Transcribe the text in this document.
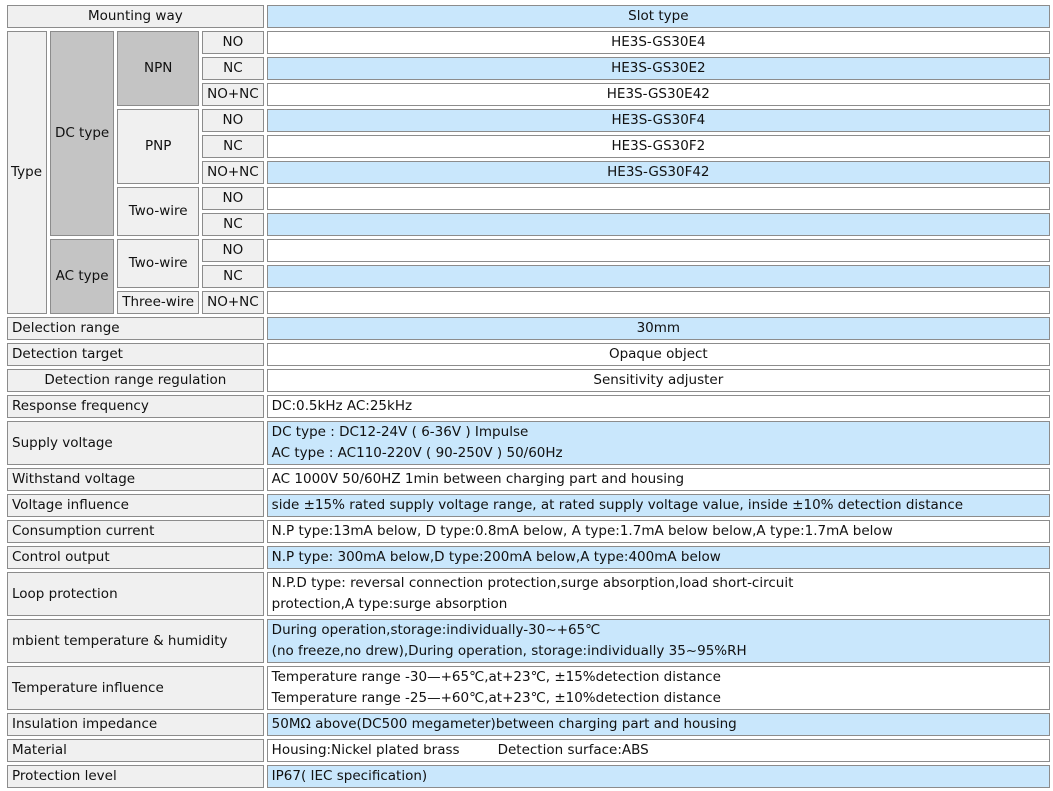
Mounting way				Slot type
Type	DC type	NPN	NO	HE3S-GS30E4
			NC	HE3S-GS30E2
			NO+NC	HE3S-GS30E42
		PNP	NO	HE3S-GS30F4
			NC	HE3S-GS30F2
			NO+NC	HE3S-GS30F42
		Two-wire	NO	
			NC	
	AC type	Two-wire	NO	
			NC	
		Three-wire	NO+NC	
Delection range				30mm
Detection target				Opaque object
Detection range regulation				Sensitivity adjuster
Response frequency				DC:0.5kHz AC:25kHz
Supply voltage				DC type : DC12-24V ( 6-36V ) Impulse
AC type : AC110-220V ( 90-250V ) 50/60Hz

Withstand voltage				AC 1000V 50/60HZ 1min between charging part and housing
Voltage influence				side ±15% rated supply voltage range, at rated supply voltage value, inside ±10% detection distance
Consumption current				N.P type:13mA below, D type:0.8mA below, A type:1.7mA below below,A type:1.7mA below
Control output				N.P type: 300mA below,D type:200mA below,A type:400mA below
Loop protection				N.P.D type: reversal connection protection,surge absorption,load short-circuit
protection,A type:surge absorption

mbient temperature & humidity				During operation,storage:individually-30~+65℃
(no freeze,no drew),During operation, storage:individually 35~95%RH

Temperature influence				Temperature range -30—+65℃,at+23℃, ±15%detection distance
Temperature range -25—+60℃,at+23℃, ±10%detection distance

Insulation impedance				50MΩ above(DC500 megameter)between charging part and housing
Material				Housing:Nickel plated brass Detection surface:ABS
Protection level				IP67( IEC specification)
